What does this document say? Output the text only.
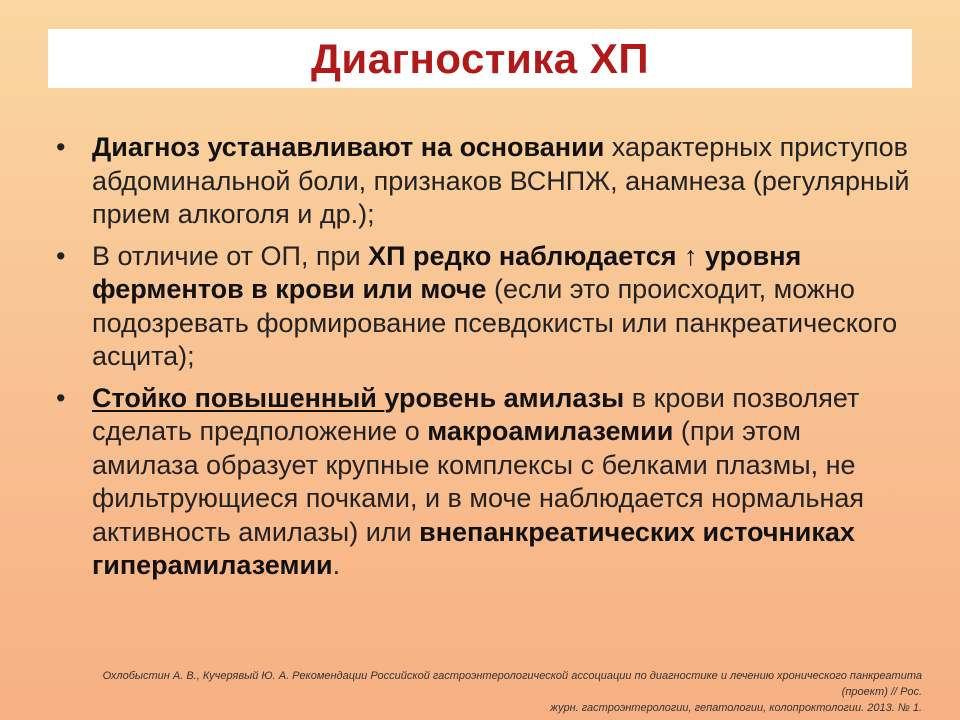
Диагностика ХП
• Диагноз устанавливают на основании характерных приступов абдоминальной боли, признаков ВСНПЖ, анамнеза (регулярный прием алкоголя и др.);
• В отличие от ОП, при ХП редко наблюдается ↑ уровня ферментов в крови или моче (если это происходит, можно подозревать формирование псевдокисты или панкреатического асцита);
• Стойко повышенный уровень амилазы в крови позволяет сделать предположение о макроамилаземии (при этом амилаза образует крупные комплексы с белками плазмы, не фильтрующиеся почками, и в моче наблюдается нормальная активность амилазы) или внепанкреатических источниках гиперамилаземии.
Охлобыстин А. В., Кучерявый Ю. А. Рекомендации Российской гастроэнтерологической ассоциации по диагностике и лечению хронического панкреатита (проект) // Рос.
журн. гастроэнтерологии, гепатологии, колопроктологии. 2013. № 1.
